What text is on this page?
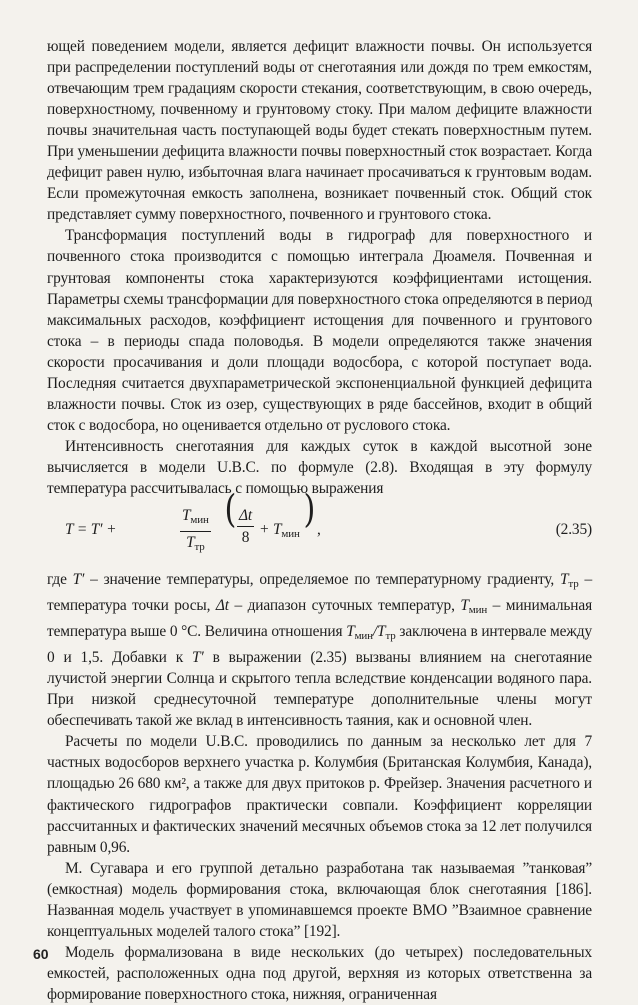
ющей поведением модели, является дефицит влажности почвы. Он используется при распределении поступлений воды от снеготаяния или дождя по трем емкостям, отвечающим трем градациям скорости стекания, соответствующим, в свою очередь, поверхностному, почвенному и грунтовому стоку. При малом дефиците влажности почвы значительная часть поступающей воды будет стекать поверхностным путем. При уменьшении дефицита влажности почвы поверхностный сток возрастает. Когда дефицит равен нулю, избыточная влага начинает просачиваться к грунтовым водам. Если промежуточная емкость заполнена, возникает почвенный сток. Общий сток представляет сумму поверхностного, почвенного и грунтового стока.

Трансформация поступлений воды в гидрограф для поверхностного и почвенного стока производится с помощью интеграла Дюамеля. Почвенная и грунтовая компоненты стока характеризуются коэффициентами истощения. Параметры схемы трансформации для поверхностного стока определяются в период максимальных расходов, коэффициент истощения для почвенного и грунтового стока – в периоды спада половодья. В модели определяются также значения скорости просачивания и доли площади водосбора, с которой поступает вода. Последняя считается двухпараметрической экспоненциальной функцией дефицита влажности почвы. Сток из озер, существующих в ряде бассейнов, входит в общий сток с водосбора, но оценивается отдельно от руслового стока.

Интенсивность снеготаяния для каждых суток в каждой высотной зоне вычисляется в модели U.B.C. по формуле (2.8). Входящая в эту формулу температура рассчитывалась с помощью выражения

T = T′ +
$T_{мин}$
$T_{тр}$
( $\frac{\Delta t}{8} + T_{мин}$
) ,	(2.35)

где T′ – значение температуры, определяемое по температурному градиенту, $T_{тр}$ – температура точки росы, Δt – диапазон суточных температур, $T_{мин}$ – минимальная температура выше 0 °С. Величина отношения $T_{мин}/T_{тр}$ заключена в интервале между 0 и 1,5. Добавки к T′ в выражении (2.35) вызваны влиянием на снеготаяние лучистой энергии Солнца и скрытого тепла вследствие конденсации водяного пара. При низкой среднесуточной температуре дополнительные члены могут обеспечивать такой же вклад в интенсивность таяния, как и основной член.

Расчеты по модели U.B.C. проводились по данным за несколько лет для 7 частных водосборов верхнего участка р. Колумбия (Британская Колумбия, Канада), площадью 26 680 км², а также для двух притоков р. Фрейзер. Значения расчетного и фактического гидрографов практически совпали. Коэффициент корреляции рассчитанных и фактических значений месячных объемов стока за 12 лет получился равным 0,96.

М. Сугавара и его группой детально разработана так называемая ”танковая” (емкостная) модель формирования стока, включающая блок снеготаяния [186]. Названная модель участвует в упоминавшемся проекте ВМО ”Взаимное сравнение концептуальных моделей талого стока” [192].

Модель формализована в виде нескольких (до четырех) последовательных емкостей, расположенных одна под другой, верхняя из которых ответственна за формирование поверхностного стока, нижняя, ограниченная

60
